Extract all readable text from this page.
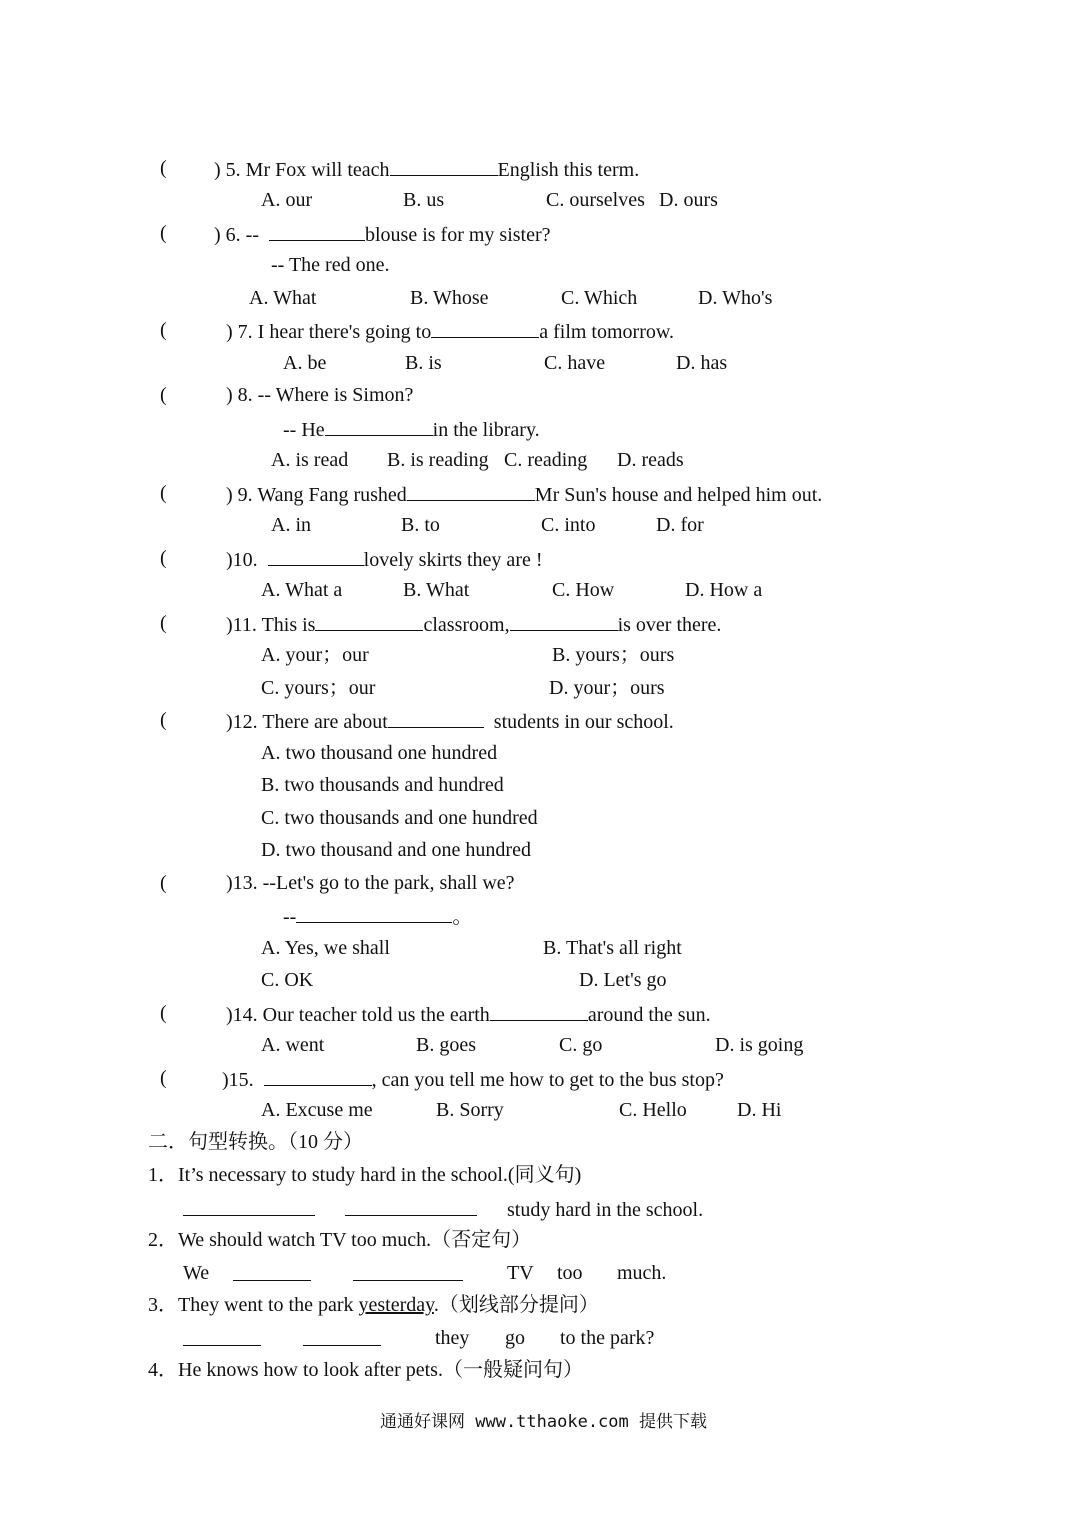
( ) 5. Mr Fox will teach	English this term.
A. our	B. us	C. ourselves D. ours
( ) 6. --	blouse is for my sister?
-- The red one.
A. What	B. Whose	C. Which	D. Who's
(	) 7. I hear there's going to	a film tomorrow.
A. be	B. is	C. have	D. has
(	) 8. -- Where is Simon?
-- He	in the library.
A. is read B. is reading C. reading D. reads
(	) 9. Wang Fang rushed	Mr Sun's house and helped him out.
A. in	B. to	C. into	D. for
(	)10.	lovely skirts they are !
A. What a	B. What	C. How	D. How a
(	)11. This is	classroom,	is over there.
A. your；our	B. yours；ours
C. yours；our	D. your；ours
(	)12. There are about	students in our school.
A. two thousand one hundred
B. two thousands and hundred
C. two thousands and one hundred
D. two thousand and one hundred
(	)13. --Let's go to the park, shall we?
--	。
A. Yes, we shall	B. That's all right
C. OK	D. Let's go
(	)14. Our teacher told us the earth	around the sun.
A. went	B. goes	C. go	D. is going
(	)15.	, can you tell me how to get to the bus stop?
A. Excuse me	B. Sorry	C. Hello	D. Hi
二．句型转换。（10 分）
1．It’s necessary to study hard in the school.(同义句)
study hard in the school.
2．We should watch TV too much.（否定句）
We	TV too much.
3．They went to the park yesterday.（划线部分提问）
they go to the park?
4．He knows how to look after pets.（一般疑问句）
通通好课网 www.tthaoke.com 提供下载
